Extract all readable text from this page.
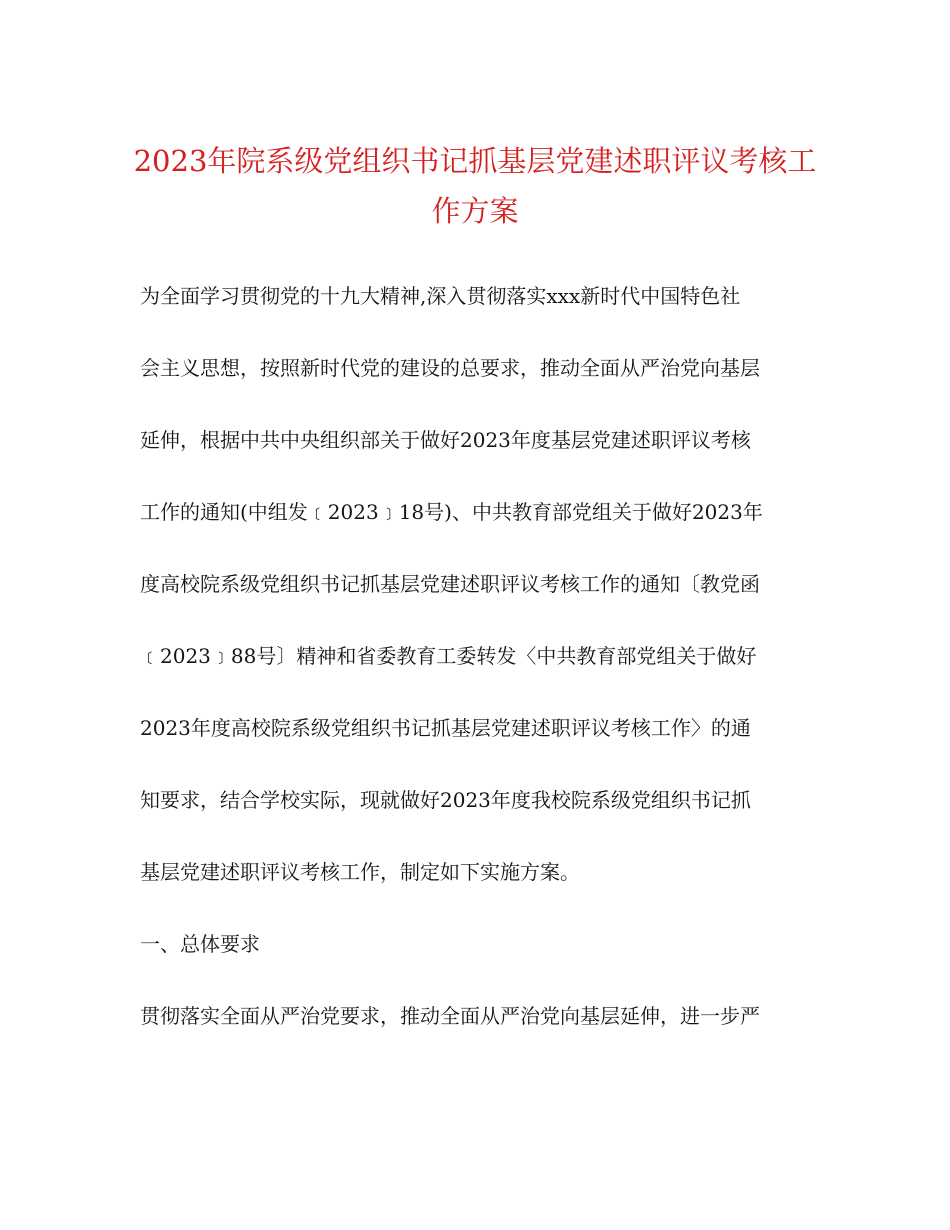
2023年院系级党组织书记抓基层党建述职评议考核工
作方案
为全面学习贯彻党的十九大精神,深入贯彻落实xxx新时代中国特色社
会主义思想，按照新时代党的建设的总要求，推动全面从严治党向基层
延伸，根据中共中央组织部关于做好2023年度基层党建述职评议考核
工作的通知(中组发﹝2023﹞18号)、中共教育部党组关于做好2023年
度高校院系级党组织书记抓基层党建述职评议考核工作的通知〔教党函
﹝2023﹞88号〕精神和省委教育工委转发〈中共教育部党组关于做好
2023年度高校院系级党组织书记抓基层党建述职评议考核工作〉的通
知要求，结合学校实际，现就做好2023年度我校院系级党组织书记抓
基层党建述职评议考核工作，制定如下实施方案。
一、总体要求
贯彻落实全面从严治党要求，推动全面从严治党向基层延伸，进一步严
